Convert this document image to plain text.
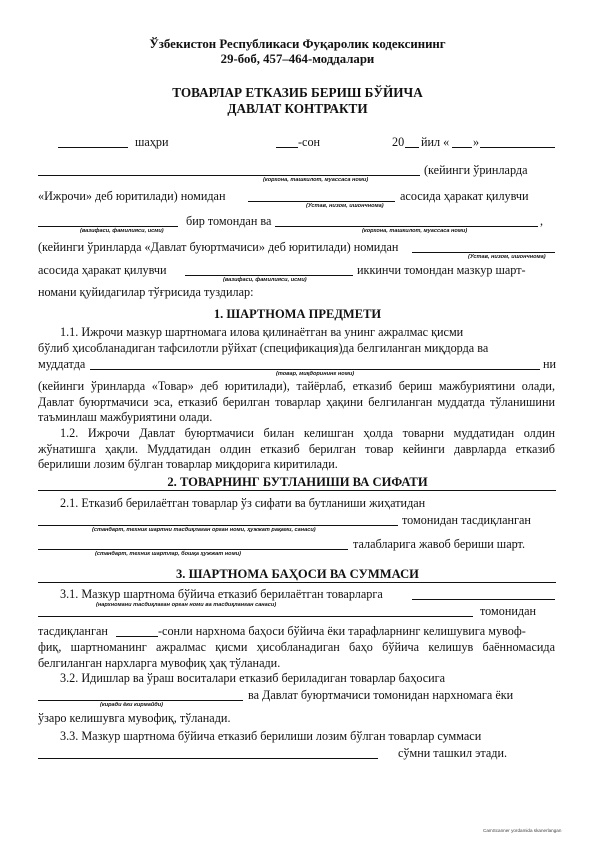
Ўзбекистон Республикаси Фуқаролик кодексининг
29-боб, 457–464-моддалари
ТОВАРЛАР ЕТКАЗИБ БЕРИШ БЎЙИЧА
ДАВЛАТ КОНТРАКТИ
шаҳри	-сон	20 йил « »
(кейинги ўринларда
(корхона, ташкилот, муассаса номи)
«Ижрочи» деб юритилади) номидан	асосида ҳаракат қилувчи
(Устав, низом, ишончнома)
бир томондан ва	,
(вазифаси, фамилияси, исми)	(корхона, ташкилот, муассаса номи)
(кейинги ўринларда «Давлат буюртмачиси» деб юритилади) номидан
(Устав, низом, ишончнома)
асосида ҳаракат қилувчи	иккинчи томондан мазкур шарт-
(вазифаси, фамилияси, исми)
номани қуйидагилар тўғрисида туздилар:
1. ШАРТНОМА ПРЕДМЕТИ
1.1. Ижрочи мазкур шартномага илова қилинаётган ва унинг ажралмас қисми
бўлиб ҳисобланадиган тафсилотли рўйхат (спецификация)да белгиланган миқдорда ва
муддатда	ни
(товар, миқдорининг номи)
(кейинги ўринларда «Товар» деб юритилади), тайёрлаб, етказиб бериш мажбуриятини олади, Давлат буюртмачиси эса, етказиб берилган товарлар ҳақини белгиланган муддатда тўланишини таъминлаш мажбуриятини олади.
1.2. Ижрочи Давлат буюртмачиси билан келишган ҳолда товарни муддатидан олдин жўнатишга ҳақли. Муддатидан олдин етказиб берилган товар кейинги даврларда етказиб берилиши лозим бўлган товарлар миқдорига киритилади.
2. ТОВАРНИНГ БУТЛАНИШИ ВА СИФАТИ
2.1. Етказиб берилаётган товарлар ўз сифати ва бутланиши жиҳатидан
томонидан тасдиқланган
(стандарт, техник шартни тасдиқлаган орган номи, ҳужжат рақами, санаси)
талабларига жавоб бериши шарт.
(стандарт, техник шартлар, бошқа ҳужжат номи)
3. ШАРТНОМА БАҲОСИ ВА СУММАСИ
3.1. Мазкур шартнома бўйича етказиб берилаётган товарларга
томонидан
(нархномани тасдиқлаган орган номи ва тасдиқланган санаси)
тасдиқланган	-сонли нархнома баҳоси бўйича ёки тарафларнинг келишувига мувоф-
фиқ, шартноманинг ажралмас қисми ҳисобланадиган баҳо бўйича келишув баённомасида белгиланган нархларга мувофиқ ҳақ тўланади.
3.2. Идишлар ва ўраш воситалари етказиб бериладиган товарлар баҳосига
ва Давлат буюртмачиси томонидан нархномага ёки
(киради ёки кирмайди)
ўзаро келишувга мувофиқ, тўланади.
3.3. Мазкур шартнома бўйича етказиб берилиши лозим бўлган товарлар суммаси
сўмни ташкил этади.
CamScanner yordamida skanerlangan
